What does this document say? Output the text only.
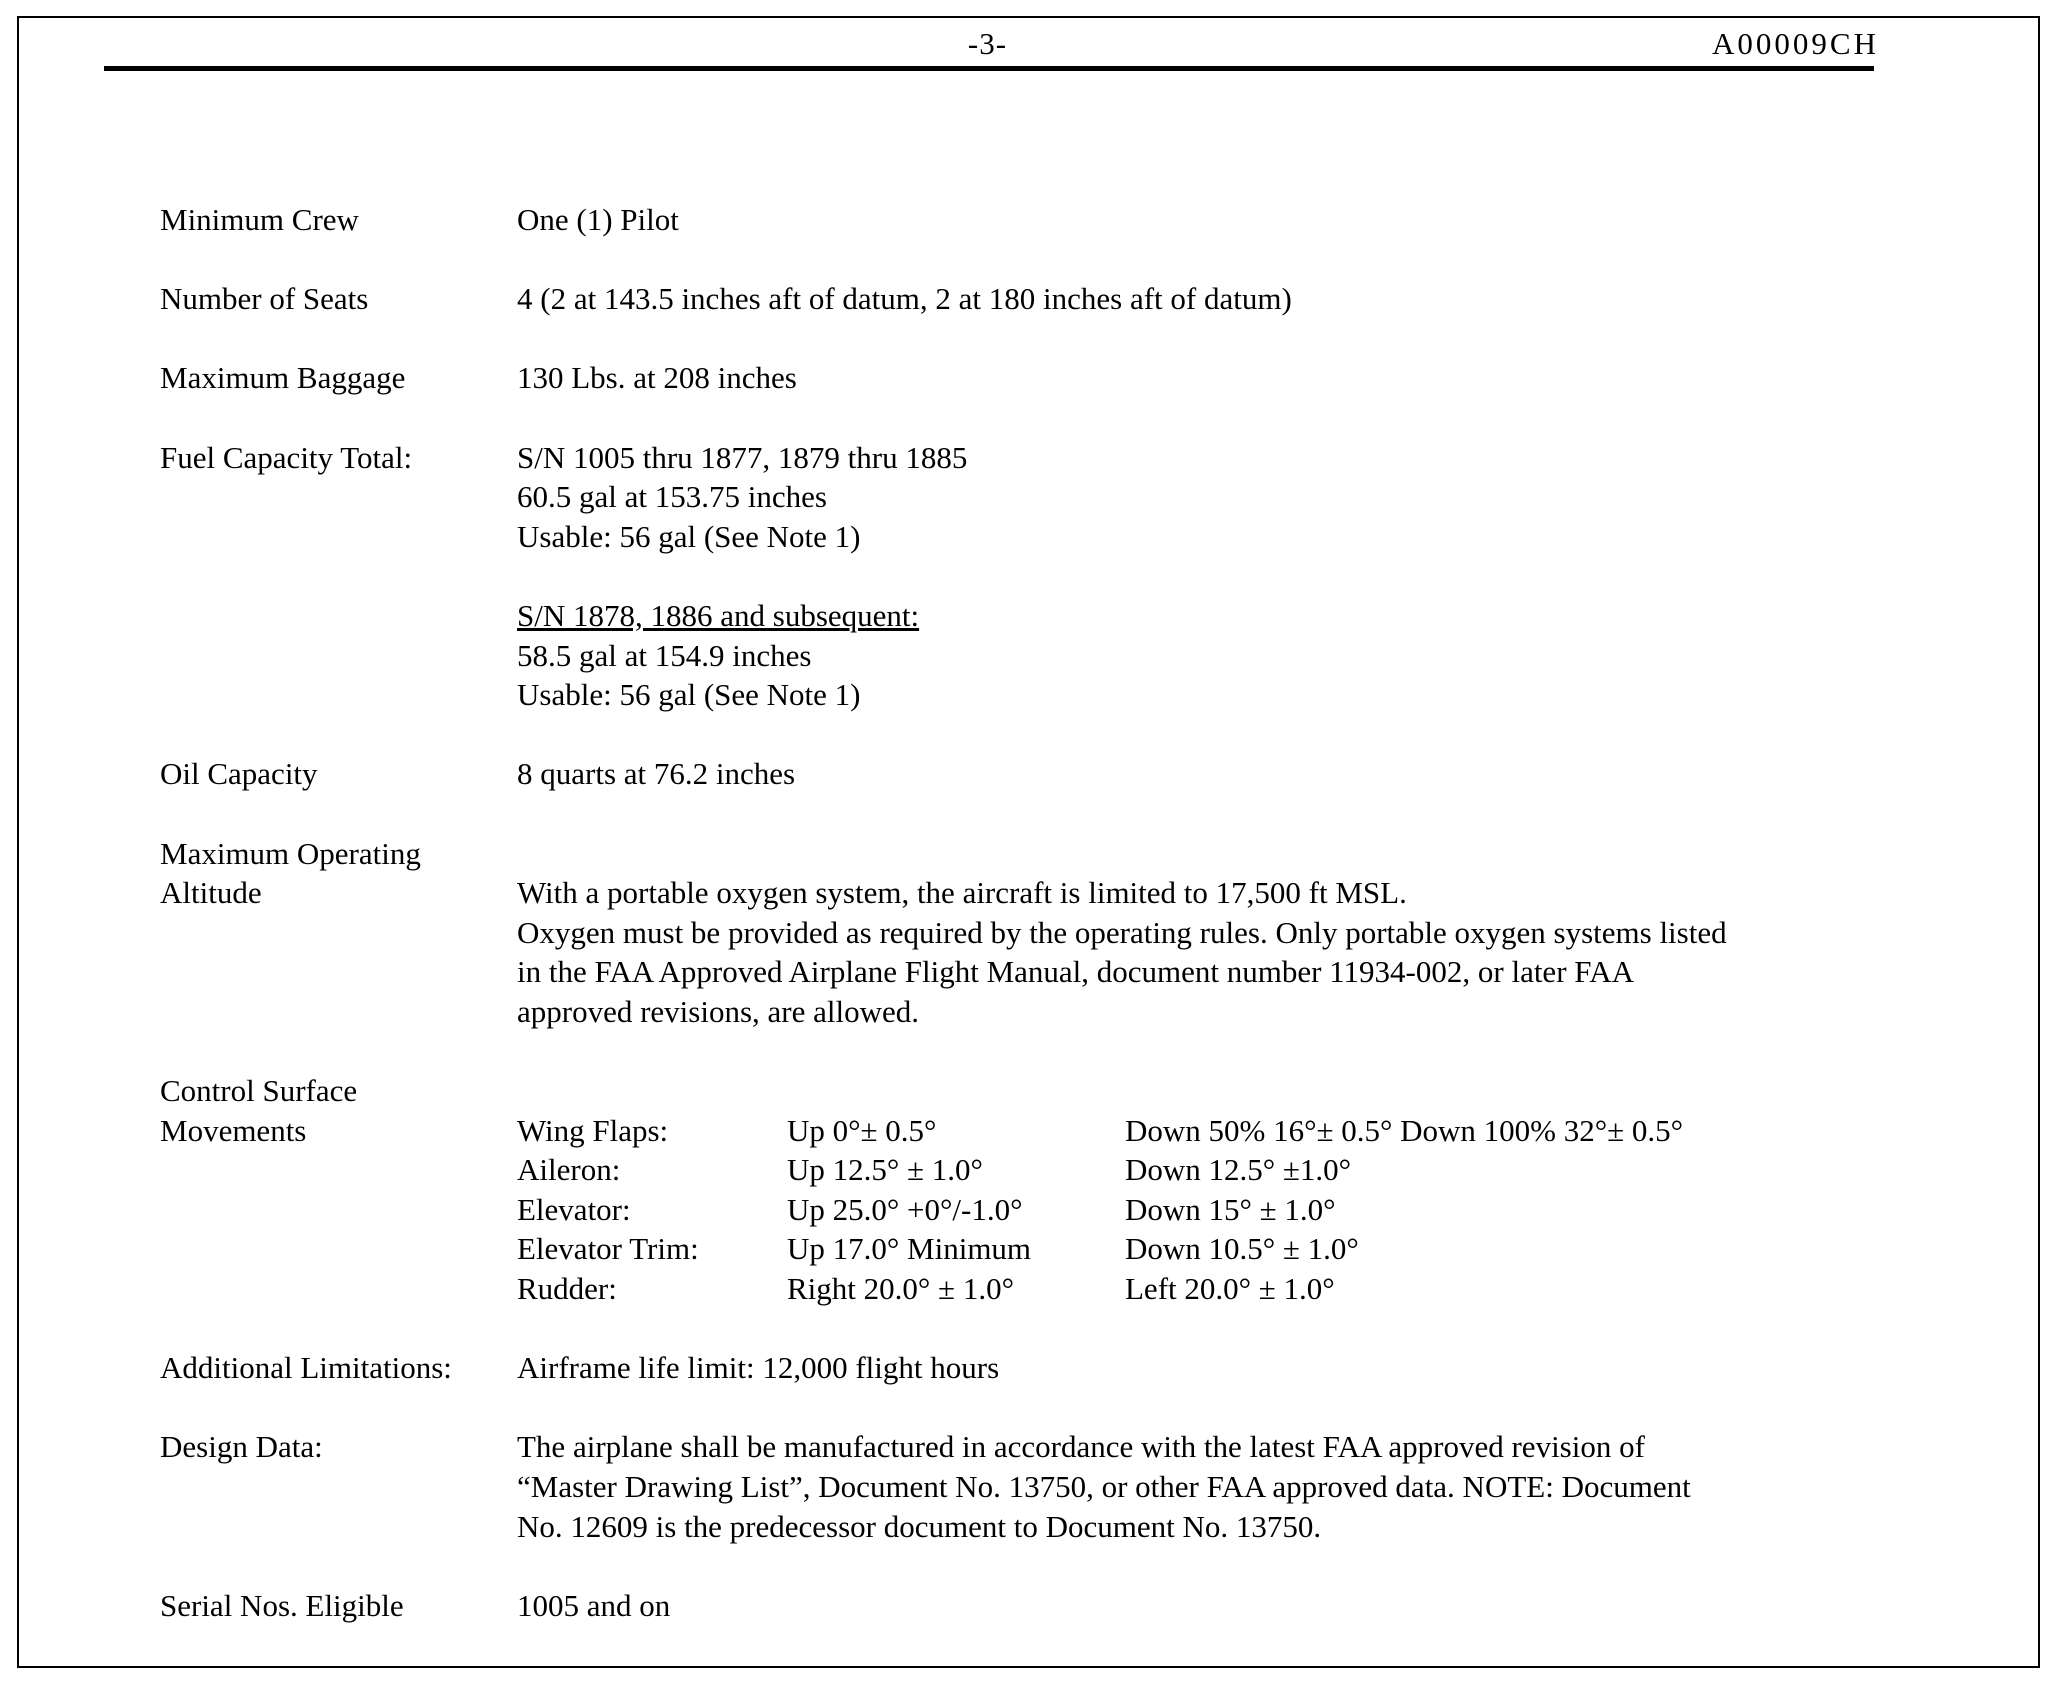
-3-	A00009CH
Minimum Crew	One (1) Pilot
Number of Seats	4 (2 at 143.5 inches aft of datum, 2 at 180 inches aft of datum)
Maximum Baggage	130 Lbs. at 208 inches
Fuel Capacity Total:	S/N 1005 thru 1877, 1879 thru 1885
60.5 gal at 153.75 inches
Usable: 56 gal (See Note 1)
S/N 1878, 1886 and subsequent:
58.5 gal at 154.9 inches
Usable: 56 gal (See Note 1)
Oil Capacity	8 quarts at 76.2 inches
Maximum Operating
Altitude	With a portable oxygen system, the aircraft is limited to 17,500 ft MSL.
Oxygen must be provided as required by the operating rules. Only portable oxygen systems listed
in the FAA Approved Airplane Flight Manual, document number 11934-002, or later FAA
approved revisions, are allowed.
Control Surface
Movements	Wing Flaps:	Up 0°± 0.5°	Down 50% 16°± 0.5° Down 100% 32°± 0.5°
Aileron:	Up 12.5° ± 1.0°	Down 12.5° ±1.0°
Elevator:	Up 25.0° +0°/-1.0°	Down 15° ± 1.0°
Elevator Trim:	Up 17.0° Minimum	Down 10.5° ± 1.0°
Rudder:	Right 20.0° ± 1.0°	Left 20.0° ± 1.0°
Additional Limitations:	Airframe life limit: 12,000 flight hours
Design Data:	The airplane shall be manufactured in accordance with the latest FAA approved revision of
“Master Drawing List”, Document No. 13750, or other FAA approved data. NOTE: Document
No. 12609 is the predecessor document to Document No. 13750.
Serial Nos. Eligible	1005 and on
